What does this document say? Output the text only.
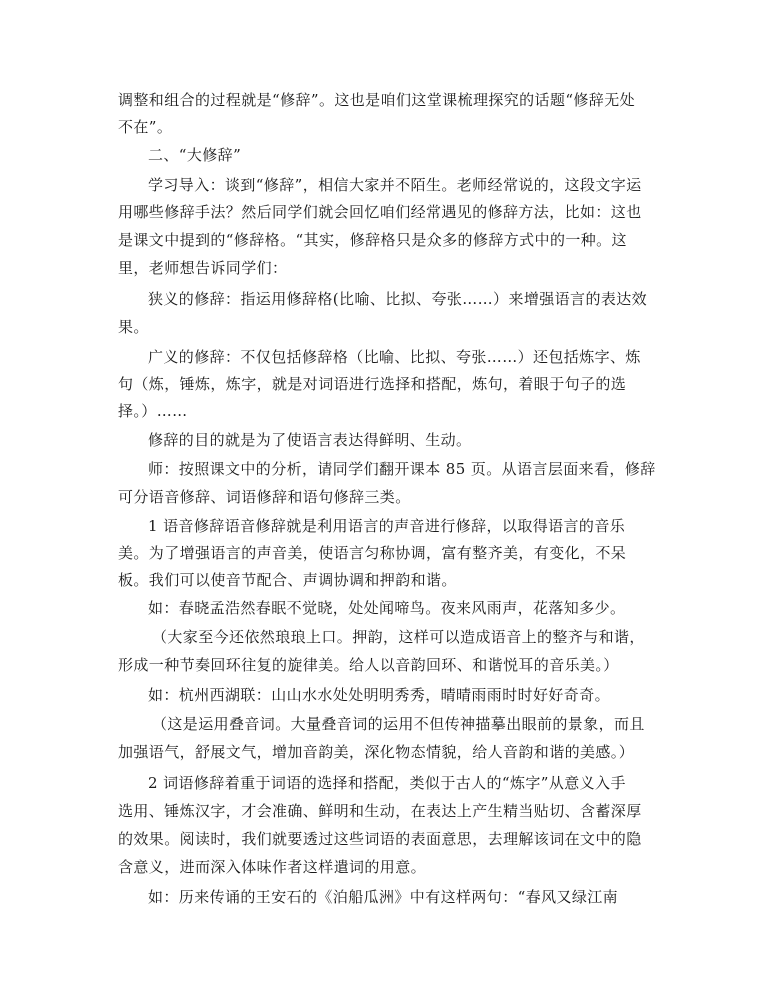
调整和组合的过程就是“修辞”。这也是咱们这堂课梳理探究的话题“修辞无处
不在”。
二、“大修辞”
学习导入：谈到“修辞”，相信大家并不陌生。老师经常说的，这段文字运
用哪些修辞手法？然后同学们就会回忆咱们经常遇见的修辞方法，比如：这也
是课文中提到的“修辞格。“其实，修辞格只是众多的修辞方式中的一种。这
里，老师想告诉同学们：
狭义的修辞：指运用修辞格(比喻、比拟、夸张……）来增强语言的表达效
果。
广义的修辞：不仅包括修辞格（比喻、比拟、夸张……）还包括炼字、炼
句（炼，锤炼，炼字，就是对词语进行选择和搭配，炼句，着眼于句子的选
择。）……
修辞的目的就是为了使语言表达得鲜明、生动。
师：按照课文中的分析，请同学们翻开课本 85 页。从语言层面来看，修辞
可分语音修辞、词语修辞和语句修辞三类。
1 语音修辞语音修辞就是利用语言的声音进行修辞，以取得语言的音乐
美。为了增强语言的声音美，使语言匀称协调，富有整齐美，有变化，不呆
板。我们可以使音节配合、声调协调和押韵和谐。
如：春晓孟浩然春眠不觉晓，处处闻啼鸟。夜来风雨声，花落知多少。
（大家至今还依然琅琅上口。押韵，这样可以造成语音上的整齐与和谐，
形成一种节奏回环往复的旋律美。给人以音韵回环、和谐悦耳的音乐美。）
如：杭州西湖联：山山水水处处明明秀秀，晴晴雨雨时时好好奇奇。
（这是运用叠音词。大量叠音词的运用不但传神描摹出眼前的景象，而且
加强语气，舒展文气，增加音韵美，深化物态情貌，给人音韵和谐的美感。）
2 词语修辞着重于词语的选择和搭配，类似于古人的“炼字”从意义入手
选用、锤炼汉字，才会准确、鲜明和生动，在表达上产生精当贴切、含蓄深厚
的效果。阅读时，我们就要透过这些词语的表面意思，去理解该词在文中的隐
含意义，进而深入体味作者这样遣词的用意。
如：历来传诵的王安石的《泊船瓜洲》中有这样两句：“春风又绿江南
